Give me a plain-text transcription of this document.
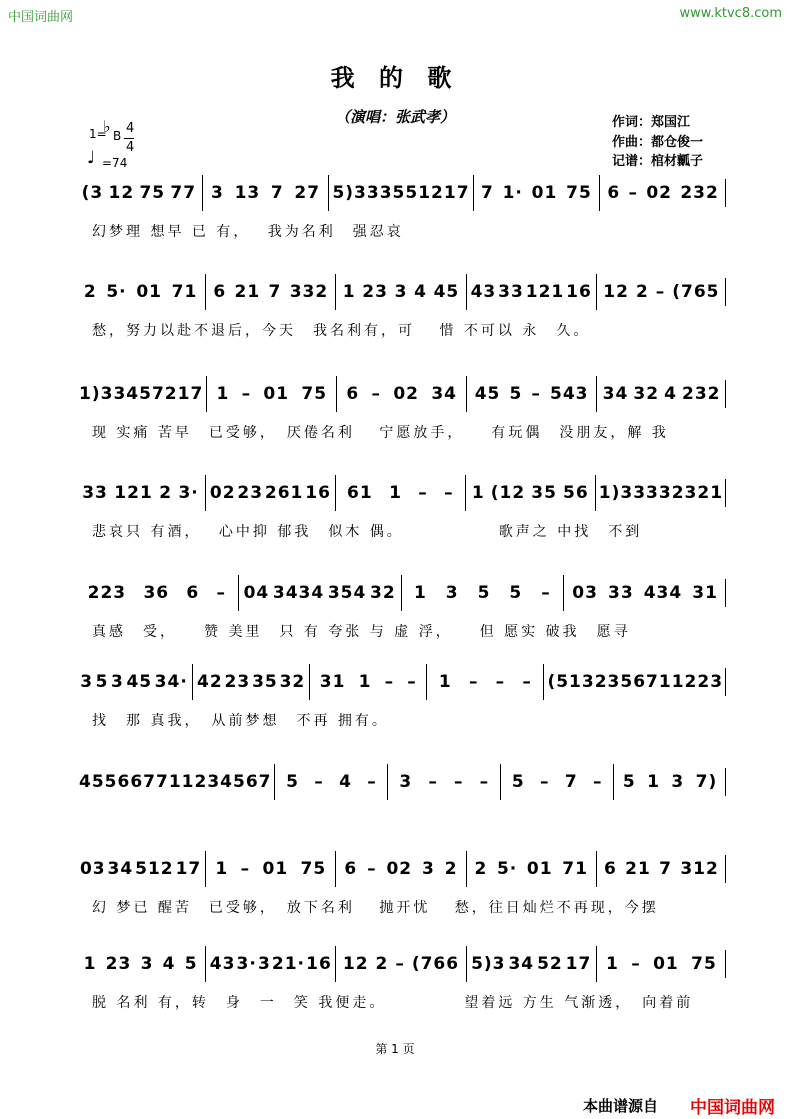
中国词曲网	www.ktvc8.com
我 的 歌
（演唱：张武孝）	作词：郑国江
作曲：都仓俊一
记谱：棺材瓤子
1=
♭ B 4
4
♩ =74
(3 12 75 77 3 13 7 27 5)3 335 512 17 7 1· 01 75 6 – 02 232
幻梦理 想早 已 有，　 我为名利　强忍哀
2 5· 01 71 6 21 7 332 1 23 3 4 45 43 33 121 16 12 2 – (765
愁，努力以赴不退后，今天　我名利有，可　 惜 不可以 永　久。
1)3 34 572 17 1 – 01 75 6 – 02 34 45 5 – 543 34 32 4 232
现 实痛 苦早　已受够，　厌倦名利　 宁愿放手，　　有玩偶　没朋友，解 我
33 121 2 3· 02 23 261 16 61 1 – – 1 (12 35 56 1)3 33 323 21
悲哀只 有酒，　 心中抑 郁我　似木 偶。　　　　　　歌声之 中找　不到
223 36 6 – 04 3434 354 32 1 3 5 5 – 03 33 434 31
真感　受，　　赞 美里　只 有 夸张 与 虚 浮，　　但 愿实 破我　愿寻
3 5 3 45 34· 42 23 35 32 31 1 – – 1 – – – (51 323 5671 1223
找　那 真我，　从前梦想　不再 拥有。
4556 6771 1234 567 5 – 4 – 3 – – – 5 – 7 – 5 1 3 7)
03 34 512 17 1 – 01 75 6 – 02 3 2 2 5· 01 71 6 21 7 312
幻 梦已 醒苦　已受够，　放下名利　 抛开忧　 愁，往日灿烂不再现，今摆
1 23 3 4 5 43 3· 3 21· 16 12 2 – (766 5)3 34 52 17 1 – 01 75
脱 名利 有，转　身　一　笑 我便走。　　　　　望着远 方生 气渐透，　向着前
第 1 页
本曲谱源自 中国词曲网
